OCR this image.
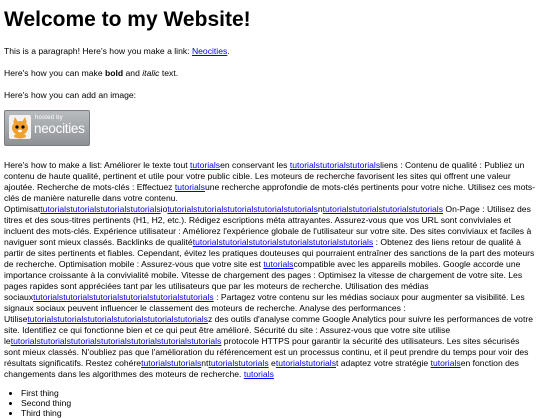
Welcome to my Website!

This is a paragraph! Here's how you make a link: Neocities.

Here's how you can make bold and italic text.

Here's how you can add an image:

hosted by
neocities

Here's how to make a list: Améliorer le texte tout tutorialsen conservant les tutorialstutorialstutorialsliens : Contenu de qualité : Publiez un contenu de haute qualité, pertinent et utile pour votre public cible. Les moteurs de recherche favorisent les sites qui offrent une valeur ajoutée. Recherche de mots-clés : Effectuez tutorialsune recherche approfondie de mots-clés pertinents pour votre niche. Utilisez ces mots-clés de manière naturelle dans votre contenu. Optimisattutorialstutorialstutorialstutorialsiotutorialstutorialstutorialstutorialstutorialsntutorialstutorialstutorialstutorials On-Page : Utilisez des titres et des sous-titres pertinents (H1, H2, etc.). Rédigez escriptions méta attrayantes. Assurez-vous que vos URL sont conviviales et incluent des mots-clés. Expérience utilisateur : Améliorez l'expérience globale de l'utilisateur sur votre site. Des sites conviviaux et faciles à naviguer sont mieux classés. Backlinks de qualitétutorialstutorialstutorialstutorialstutorialstutorials : Obtenez des liens retour de qualité à partir de sites pertinents et fiables. Cependant, évitez les pratiques douteuses qui pourraient entraîner des sanctions de la part des moteurs de recherche. Optimisation mobile : Assurez-vous que votre site est tutorialscompatible avec les appareils mobiles. Google accorde une importance croissante à la convivialité mobile. Vitesse de chargement des pages : Optimisez la vitesse de chargement de votre site. Les pages rapides sont appréciées tant par les utilisateurs que par les moteurs de recherche. Utilisation des médias sociauxtutorialstutorialstutorialstutorialstutorialstutorials : Partagez votre contenu sur les médias sociaux pour augmenter sa visibilité. Les signaux sociaux peuvent influencer le classement des moteurs de recherche. Analyse des performances : Utilisetutorialstutorialstutorialstutorialstutorialstutorialsz des outils d'analyse comme Google Analytics pour suivre les performances de votre site. Identifiez ce qui fonctionne bien et ce qui peut être amélioré. Sécurité du site : Assurez-vous que votre site utilise letutorialstutorialstutorialstutorialstutorialstutorialstutorials protocole HTTPS pour garantir la sécurité des utilisateurs. Les sites sécurisés sont mieux classés. N'oubliez pas que l'amélioration du référencement est un processus continu, et il peut prendre du temps pour voir des résultats significatifs. Restez cohéretutorialstutorialsnttutorialstutorials etutorialstutorialst adaptez votre stratégie tutorialsen fonction des changements dans les algorithmes des moteurs de recherche. tutorials

• First thing
• Second thing
• Third thing
